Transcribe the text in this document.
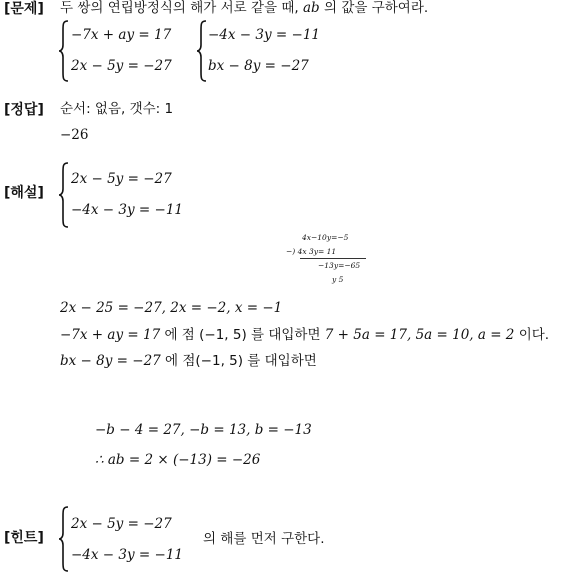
[문제] 두 쌍의 연립방정식의 해가 서로 같을 때, ab 의 값을 구하여라.
−7x + ay = 17
2x − 5y = −27
−4x − 3y = −11
bx − 8y = −27
[정답] 순서: 없음, 갯수: 1
−26
[해설]
2x − 5y = −27
−4x − 3y = −11
4x−10y=−5
−) 4x 3y= 11
−13y=−65
y 5
2x − 25 = −27, 2x = −2, x = −1
−7x + ay = 17 에 점 (−1, 5) 를 대입하면 7 + 5a = 17, 5a = 10, a = 2 이다.
bx − 8y = −27 에 점(−1, 5) 를 대입하면
−b − 4 = 27, −b = 13, b = −13
∴ ab = 2 × (−13) = −26
[힌트]
2x − 5y = −27
−4x − 3y = −11
의 해를 먼저 구한다.
